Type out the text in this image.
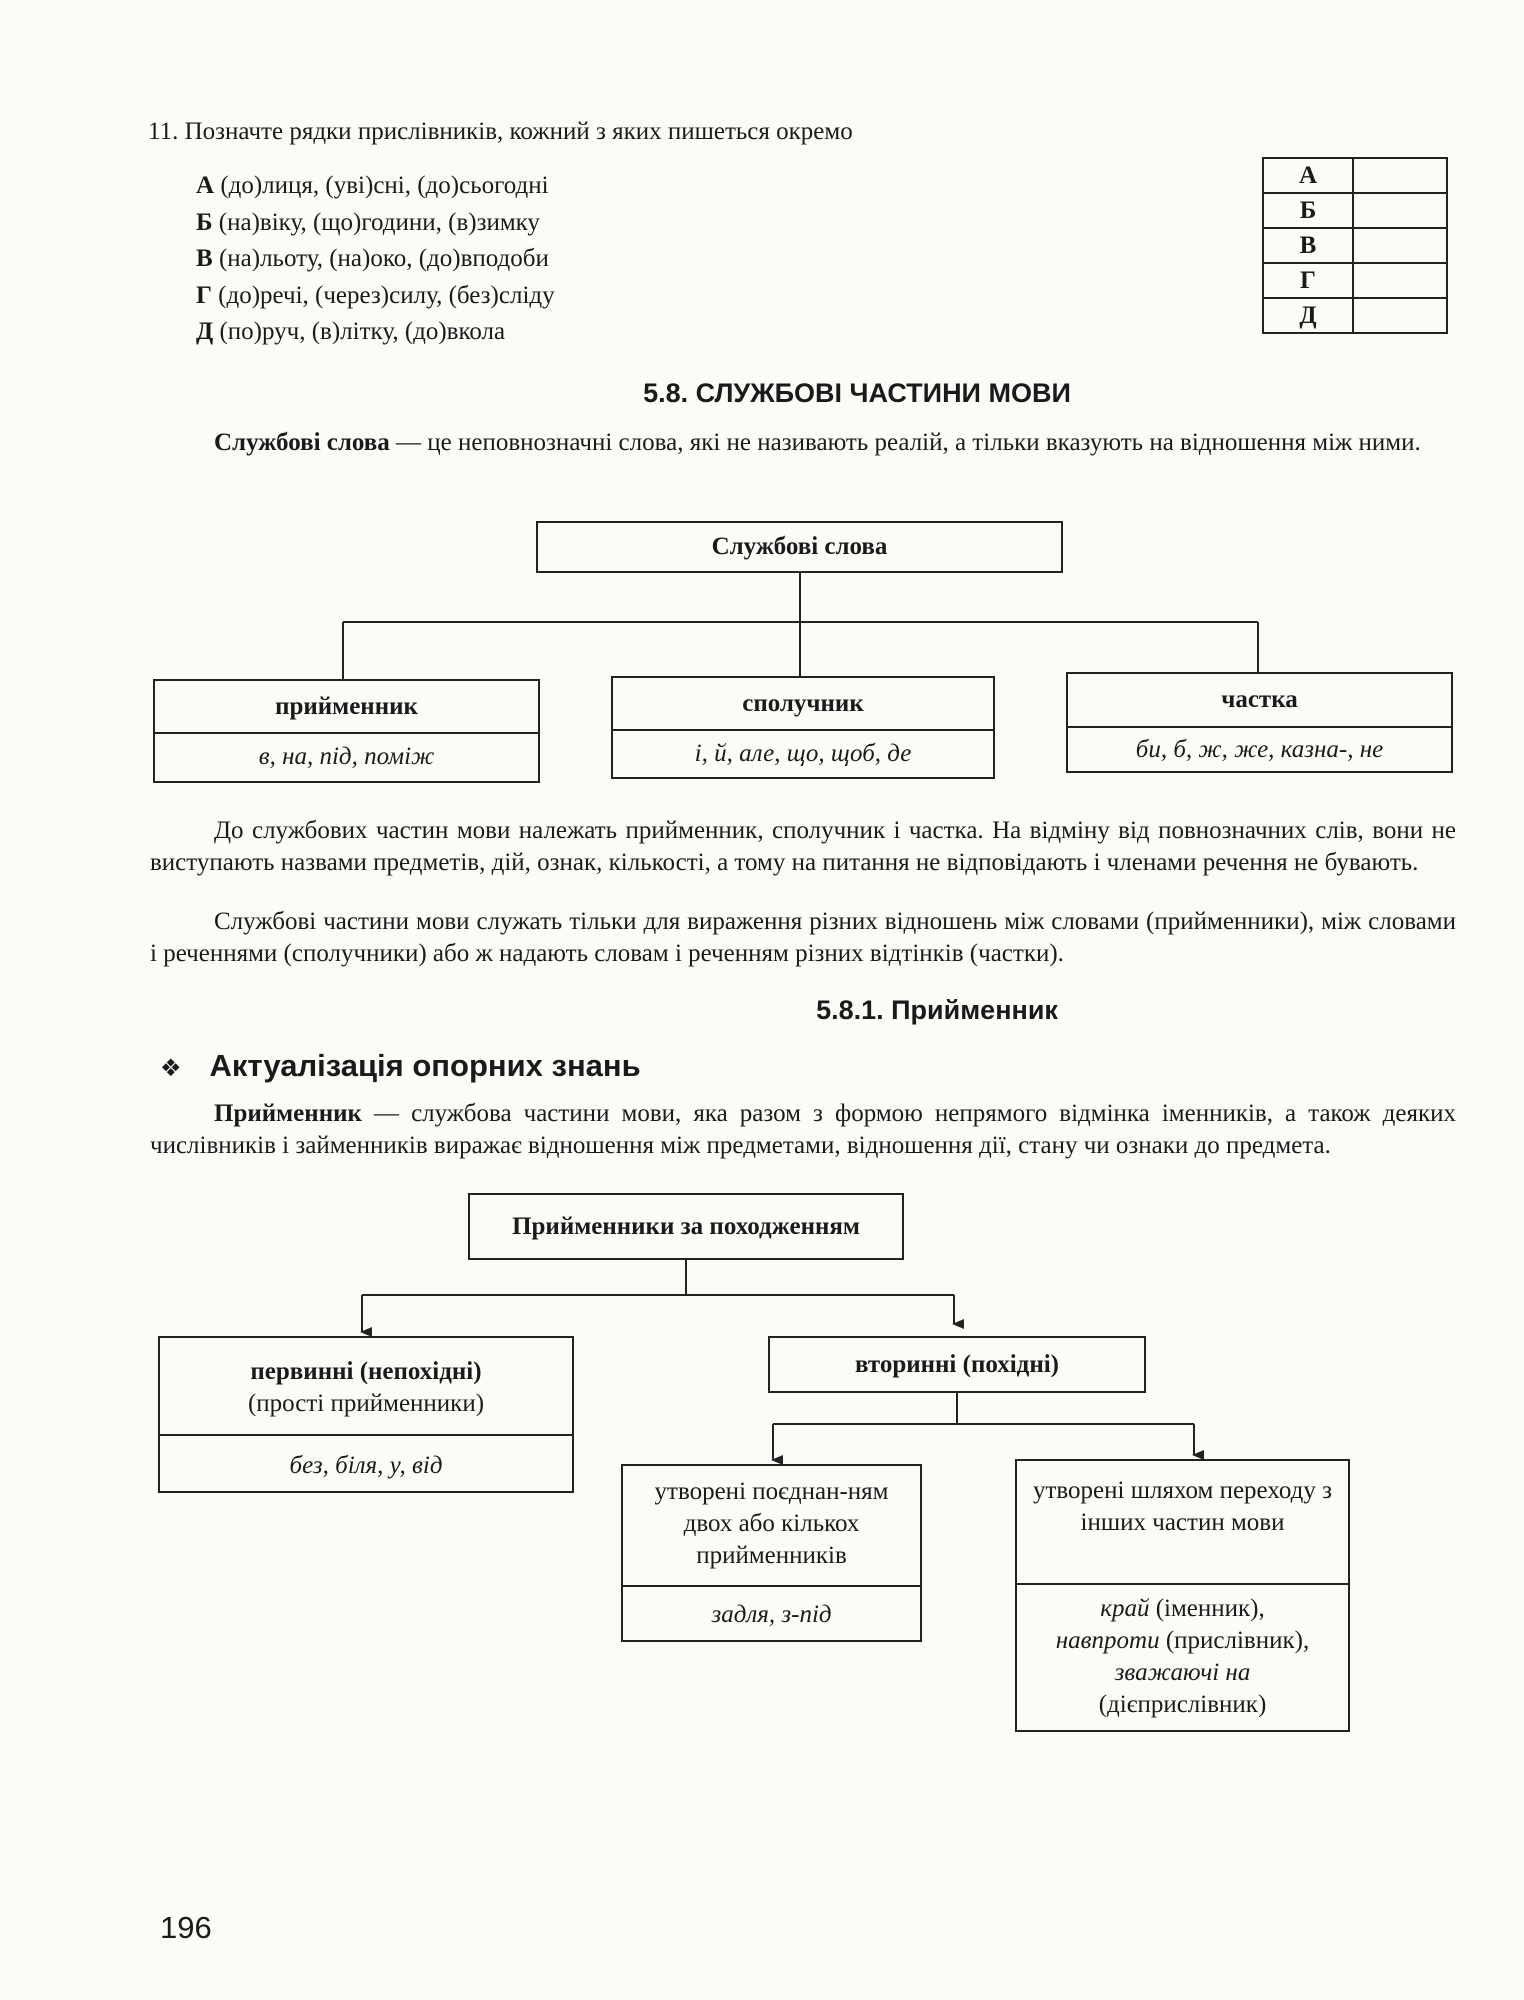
11. Позначте рядки прислівників, кожний з яких пишеться окремо
А (до)лиця, (уві)сні, (до)сьогодні
Б (на)віку, (що)години, (в)зимку
В (на)льоту, (на)око, (до)вподоби
Г (до)речі, (через)силу, (без)сліду
Д (по)руч, (в)літку, (до)вкола
А	
Б	
В	
Г	
Д	
5.8. СЛУЖБОВІ ЧАСТИНИ МОВИ
Службові слова — це неповнозначні слова, які не називають реалій, а тільки вказують на відношення між ними.
Службові слова
прийменник
в, на, під, поміж
сполучник
і, й, але, що, щоб, де
частка
би, б, ж, же, казна-, не
До службових частин мови належать прийменник, сполучник і частка. На відміну від повнозначних слів, вони не виступають назвами предметів, дій, ознак, кількості, а тому на питання не відповідають і членами речення не бувають.
Службові частини мови служать тільки для вираження різних відношень між словами (прийменники), між словами і реченнями (сполучники) або ж надають словам і реченням різних відтінків (частки).
5.8.1. Прийменник
❖ Актуалізація опорних знань
Прийменник — службова частини мови, яка разом з формою непрямого відмінка іменників, а також деяких числівників і займенників виражає відношення між предметами, відношення дії, стану чи ознаки до предмета.
Прийменники за походженням
первинні (непохідні)
(прості прийменники)
без, біля, у, від
вторинні (похідні)
утворені поєднан-ням двох або кількох прийменників
задля, з-під
утворені шляхом переходу з інших частин мови
край (іменник),
навпроти (прислівник),
зважаючі на
(дієприслівник)
196
